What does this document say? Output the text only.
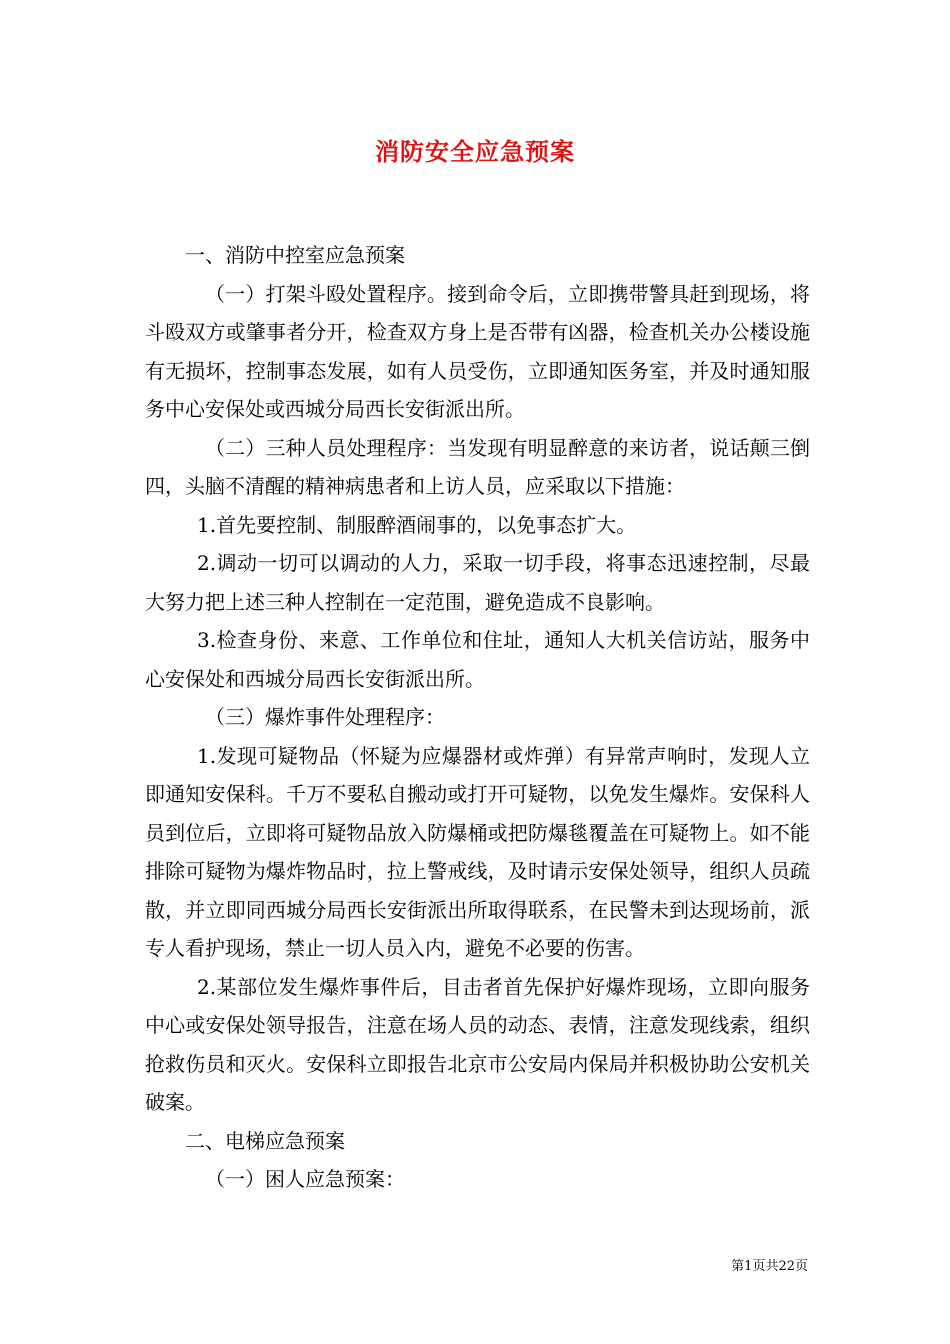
消防安全应急预案

一、消防中控室应急预案

（一）打架斗殴处置程序。接到命令后，立即携带警具赶到现场，将斗殴双方或肇事者分开，检查双方身上是否带有凶器，检查机关办公楼设施有无损坏，控制事态发展，如有人员受伤，立即通知医务室，并及时通知服务中心安保处或西城分局西长安街派出所。

（二）三种人员处理程序：当发现有明显醉意的来访者，说话颠三倒四，头脑不清醒的精神病患者和上访人员，应采取以下措施：

1.首先要控制、制服醉酒闹事的，以免事态扩大。

2.调动一切可以调动的人力，采取一切手段，将事态迅速控制，尽最大努力把上述三种人控制在一定范围，避免造成不良影响。

3.检查身份、来意、工作单位和住址，通知人大机关信访站，服务中心安保处和西城分局西长安街派出所。

（三）爆炸事件处理程序：

1.发现可疑物品（怀疑为应爆器材或炸弹）有异常声响时，发现人立即通知安保科。千万不要私自搬动或打开可疑物，以免发生爆炸。安保科人员到位后，立即将可疑物品放入防爆桶或把防爆毯覆盖在可疑物上。如不能排除可疑物为爆炸物品时，拉上警戒线，及时请示安保处领导，组织人员疏散，并立即同西城分局西长安街派出所取得联系，在民警未到达现场前，派专人看护现场，禁止一切人员入内，避免不必要的伤害。

2.某部位发生爆炸事件后，目击者首先保护好爆炸现场，立即向服务中心或安保处领导报告，注意在场人员的动态、表情，注意发现线索，组织抢救伤员和灭火。安保科立即报告北京市公安局内保局并积极协助公安机关破案。

二、电梯应急预案

（一）困人应急预案：

第1页共22页
